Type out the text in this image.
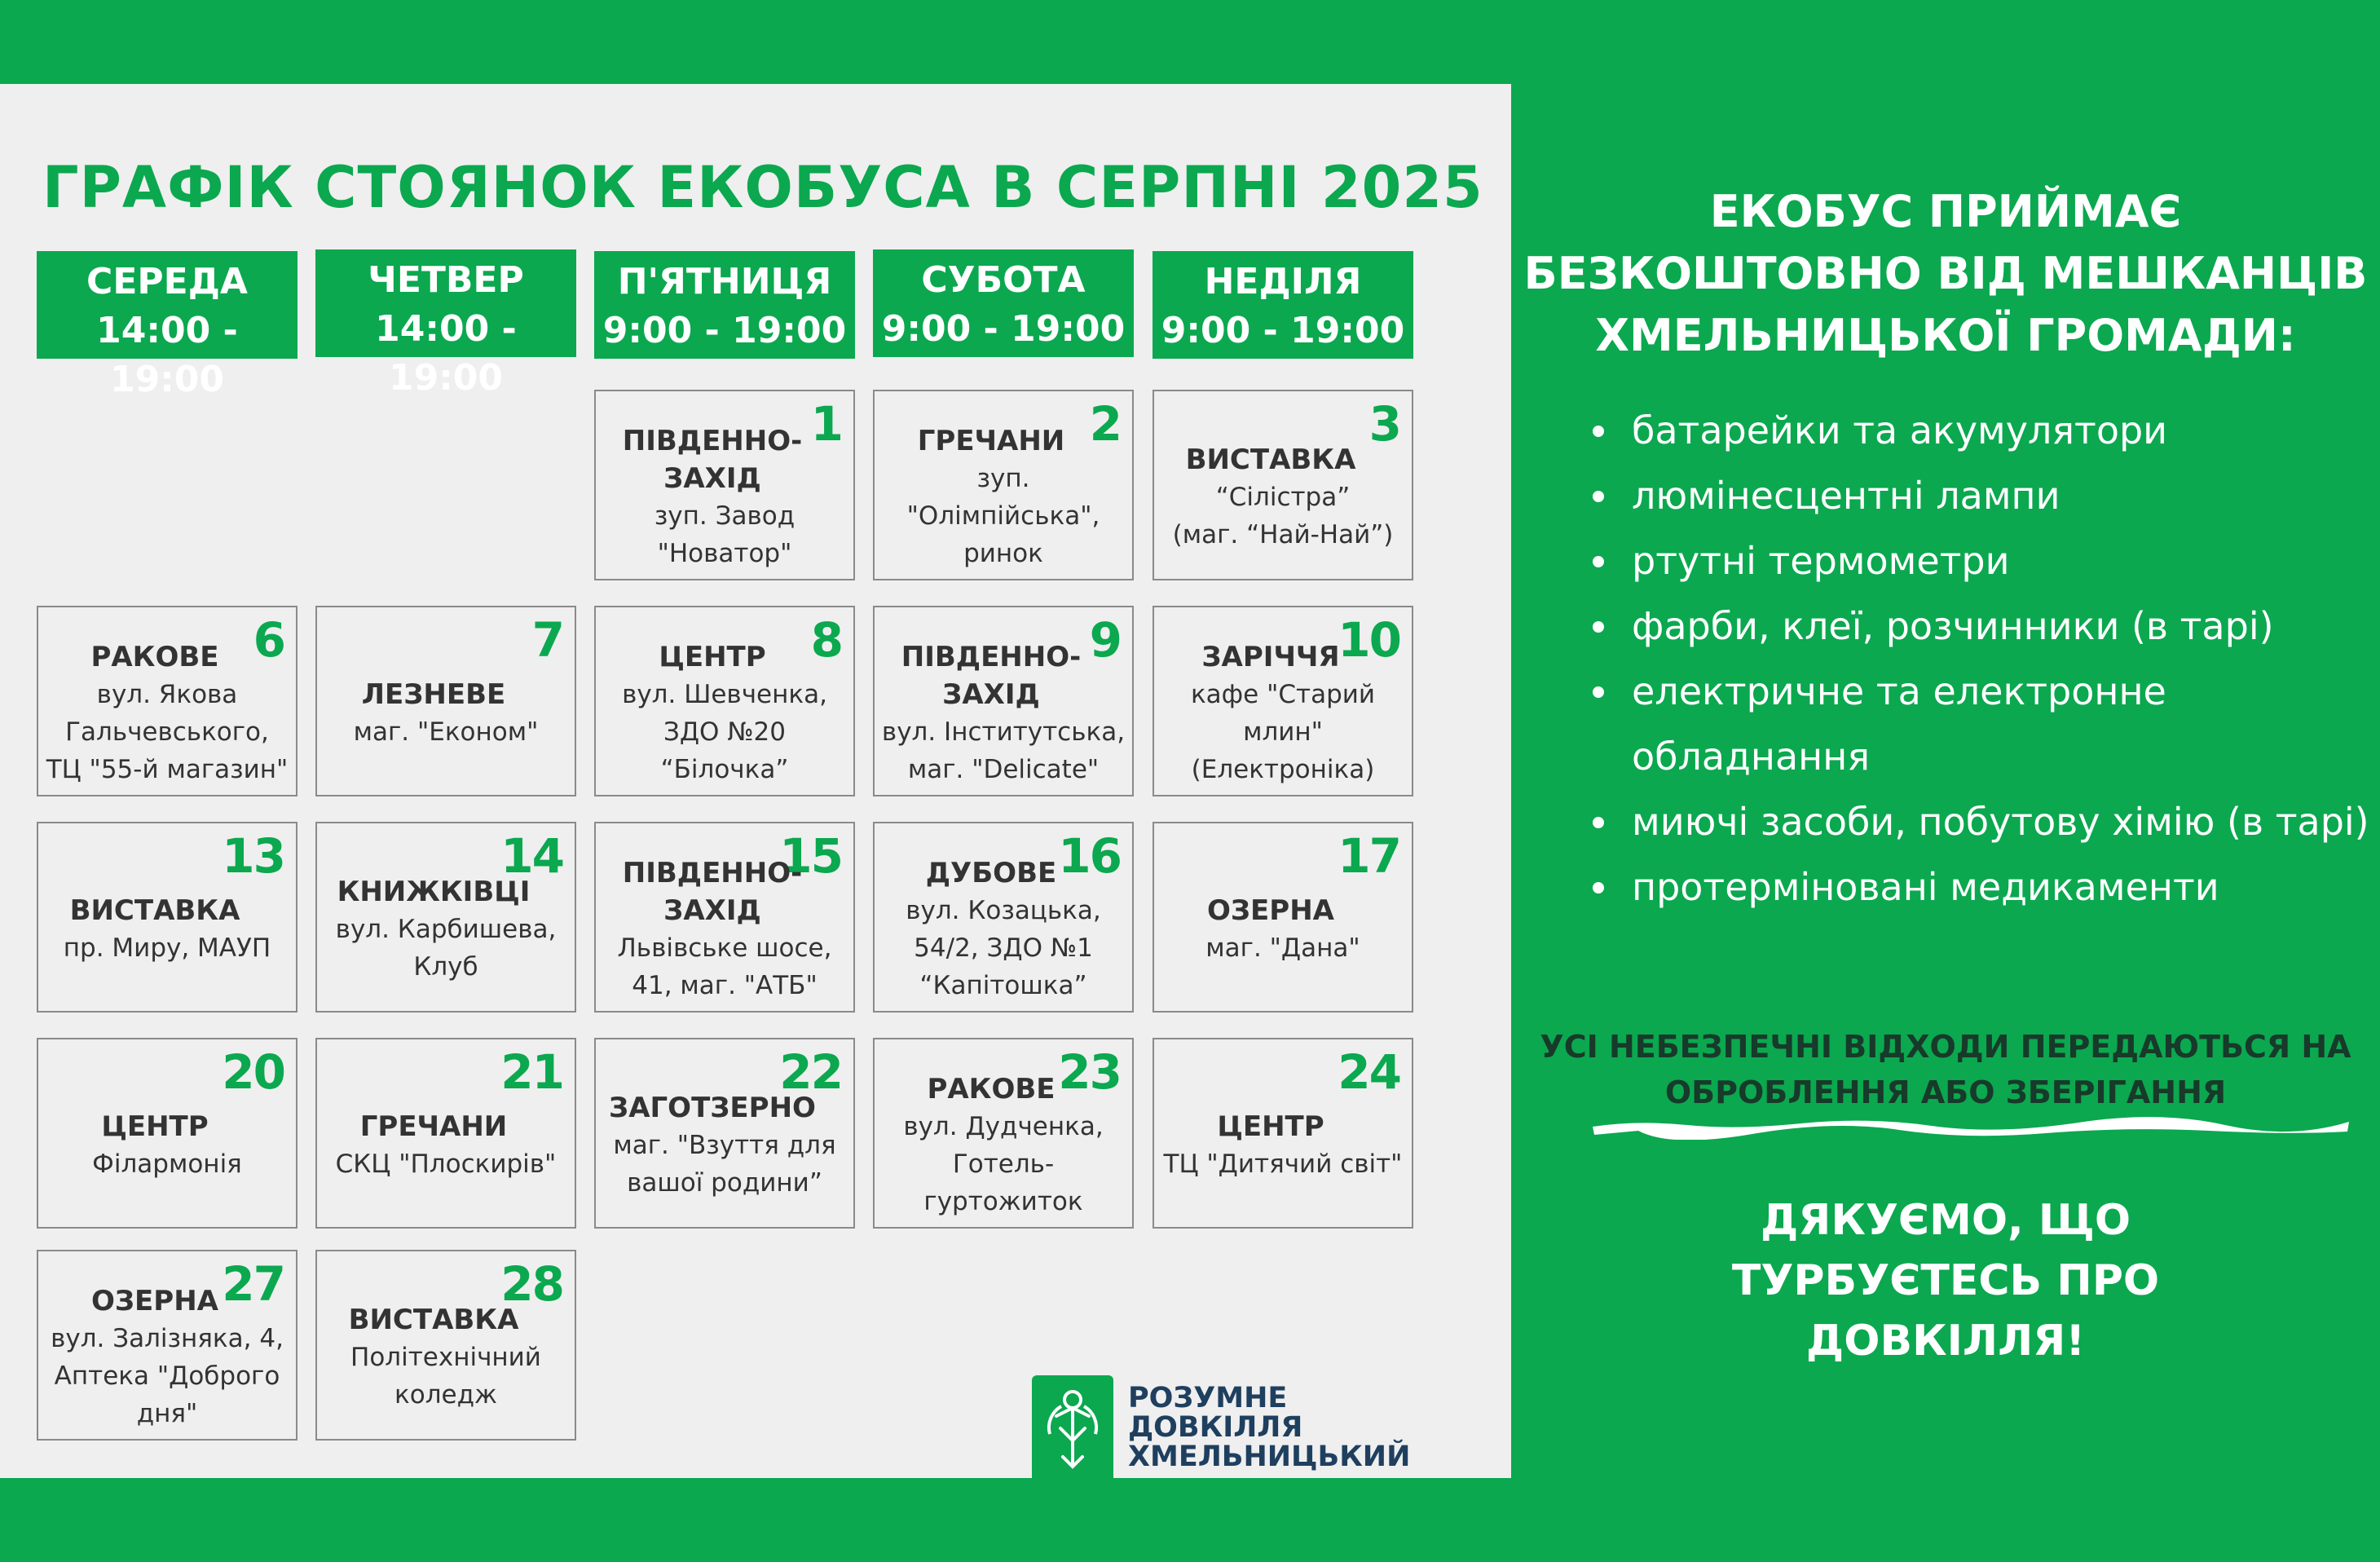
ГРАФІК СТОЯНОК ЕКОБУСА В СЕРПНІ 2025
СЕРЕДА
14:00 - 19:00
ЧЕТВЕР
14:00 - 19:00
П'ЯТНИЦЯ
9:00 - 19:00
СУБОТА
9:00 - 19:00
НЕДІЛЯ
9:00 - 19:00
1
ПІВДЕННО-
ЗАХІД
зуп. Завод
"Новатор"
2
ГРЕЧАНИ
зуп. "Олімпійська",
ринок
3
ВИСТАВКА
“Сілістра”
(маг. “Най-Най”)
6
РАКОВЕ
вул. Якова
Гальчевського,
ТЦ "55-й магазин"
7
ЛЕЗНЕВЕ
маг. "Економ"
8
ЦЕНТР
вул. Шевченка,
ЗДО №20
“Білочка”
9
ПІВДЕННО-
ЗАХІД
вул. Інститутська,
маг. "Delicate"
10
ЗАРІЧЧЯ
кафе "Старий
млин"
(Електроніка)
13
ВИСТАВКА
пр. Миру, МАУП
14
КНИЖКІВЦІ
вул. Карбишева,
Клуб
15
ПІВДЕННО-
ЗАХІД
Львівське шосе,
41, маг. "АТБ"
16
ДУБОВЕ
вул. Козацька,
54/2, ЗДО №1
“Капітошка”
17
ОЗЕРНА
маг. "Дана"
20
ЦЕНТР
Філармонія
21
ГРЕЧАНИ
СКЦ "Плоскирів"
22
ЗАГОТЗЕРНО
маг. "Взуття для
вашої родини”
23
РАКОВЕ
вул. Дудченка,
Готель-
гуртожиток
24
ЦЕНТР
ТЦ "Дитячий світ"
27
ОЗЕРНА
вул. Залізняка, 4,
Аптека "Доброго
дня"
28
ВИСТАВКА
Політехнічний
коледж	РОЗУМНЕ
ДОВКІЛЛЯ
ХМЕЛЬНИЦЬКИЙ
ЕКОБУС ПРИЙМАЄ
БЕЗКОШТОВНО ВІД МЕШКАНЦІВ
ХМЕЛЬНИЦЬКОЇ ГРОМАДИ:
батарейки та акумулятори
люмінесцентні лампи
ртутні термометри
фарби, клеї, розчинники (в тарі)
електричне та електронне обладнання
миючі засоби, побутову хімію (в тарі)
протерміновані медикаменти
УСІ НЕБЕЗПЕЧНІ ВІДХОДИ ПЕРЕДАЮТЬСЯ НА
ОБРОБЛЕННЯ АБО ЗБЕРІГАННЯ
ДЯКУЄМО, ЩО
ТУРБУЄТЕСЬ ПРО
ДОВКІЛЛЯ!
